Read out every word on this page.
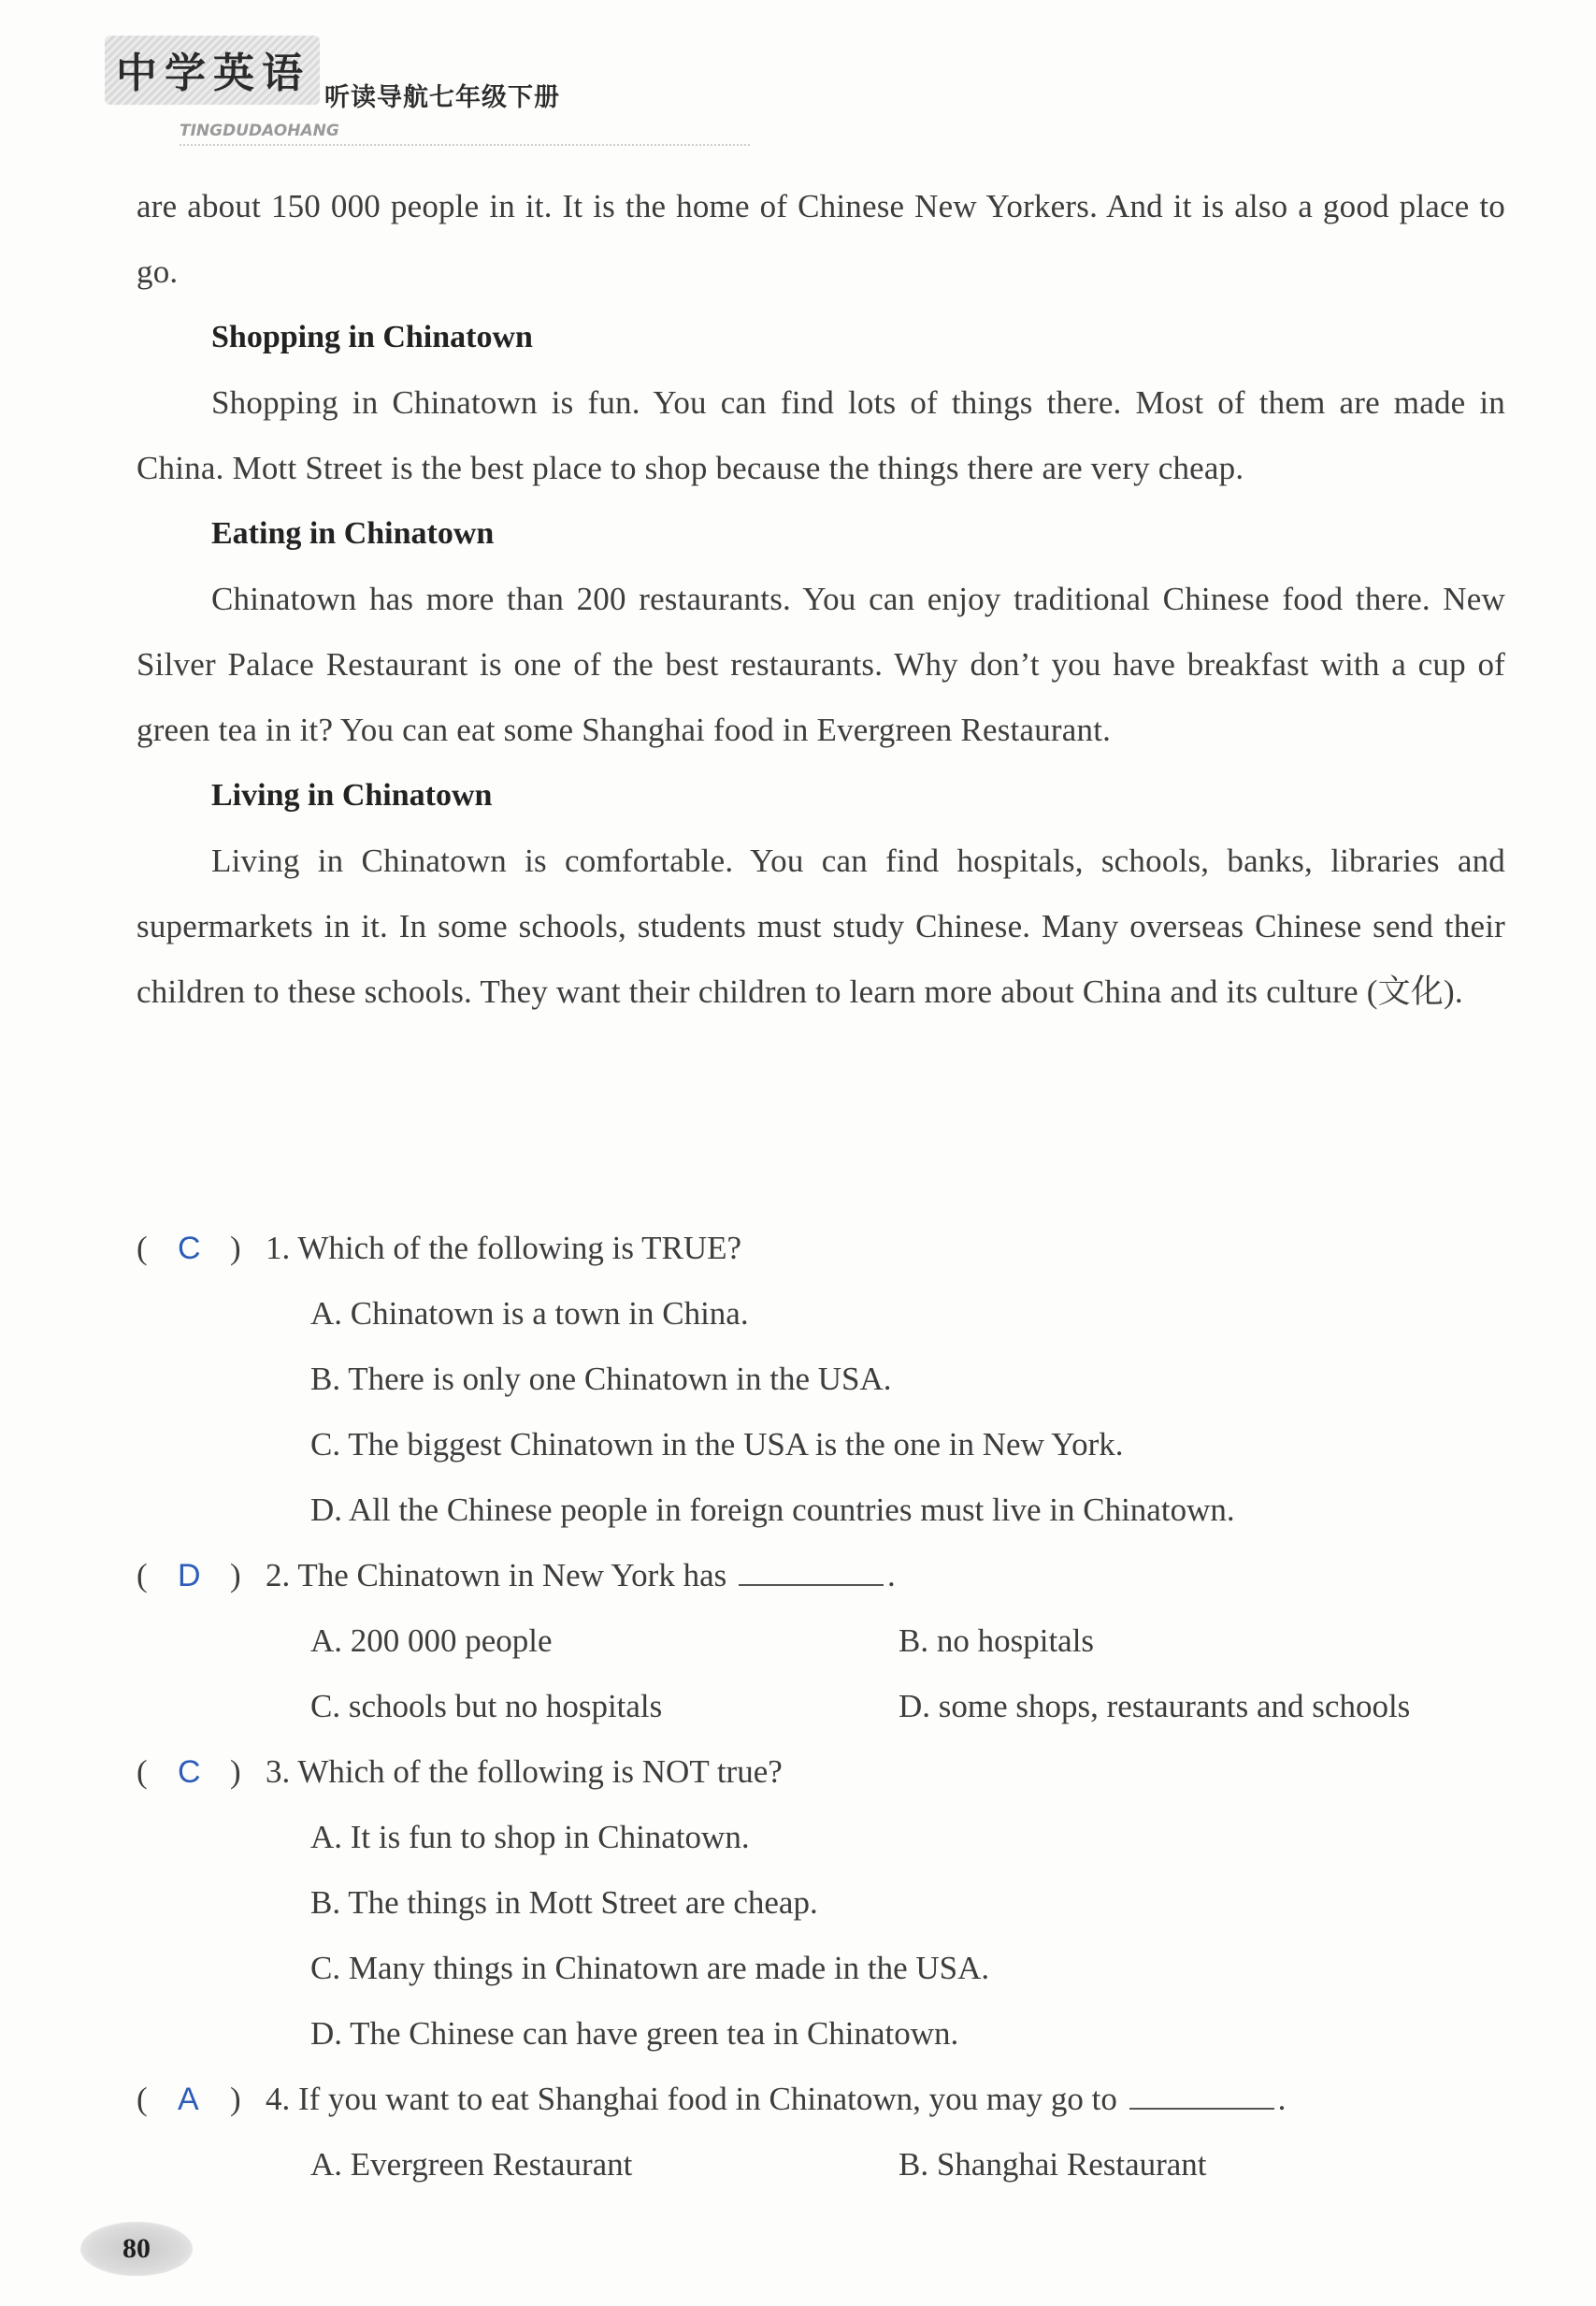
中学英语
听读导航七年级下册
TINGDUDAOHANG

are about 150 000 people in it. It is the home of Chinese New Yorkers. And it is also a good place to go.

Shopping in Chinatown

Shopping in Chinatown is fun. You can find lots of things there. Most of them are made in China. Mott Street is the best place to shop because the things there are very cheap.

Eating in Chinatown

Chinatown has more than 200 restaurants. You can enjoy traditional Chinese food there. New Silver Palace Restaurant is one of the best restaurants. Why don’t you have breakfast with a cup of green tea in it? You can eat some Shanghai food in Evergreen Restaurant.

Living in Chinatown

Living in Chinatown is comfortable. You can find hospitals, schools, banks, libraries and supermarkets in it. In some schools, students must study Chinese. Many overseas Chinese send their children to these schools. They want their children to learn more about China and its culture (文化).

( C ) 1. Which of the following is TRUE?
A. Chinatown is a town in China.
B. There is only one Chinatown in the USA.
C. The biggest Chinatown in the USA is the one in New York.
D. All the Chinese people in foreign countries must live in Chinatown.
( D ) 2. The Chinatown in New York has	.
A. 200 000 people	B. no hospitals
C. schools but no hospitals	D. some shops, restaurants and schools
( C ) 3. Which of the following is NOT true?
A. It is fun to shop in Chinatown.
B. The things in Mott Street are cheap.
C. Many things in Chinatown are made in the USA.
D. The Chinese can have green tea in Chinatown.
( A ) 4. If you want to eat Shanghai food in Chinatown, you may go to	.
A. Evergreen Restaurant	B. Shanghai Restaurant
80
